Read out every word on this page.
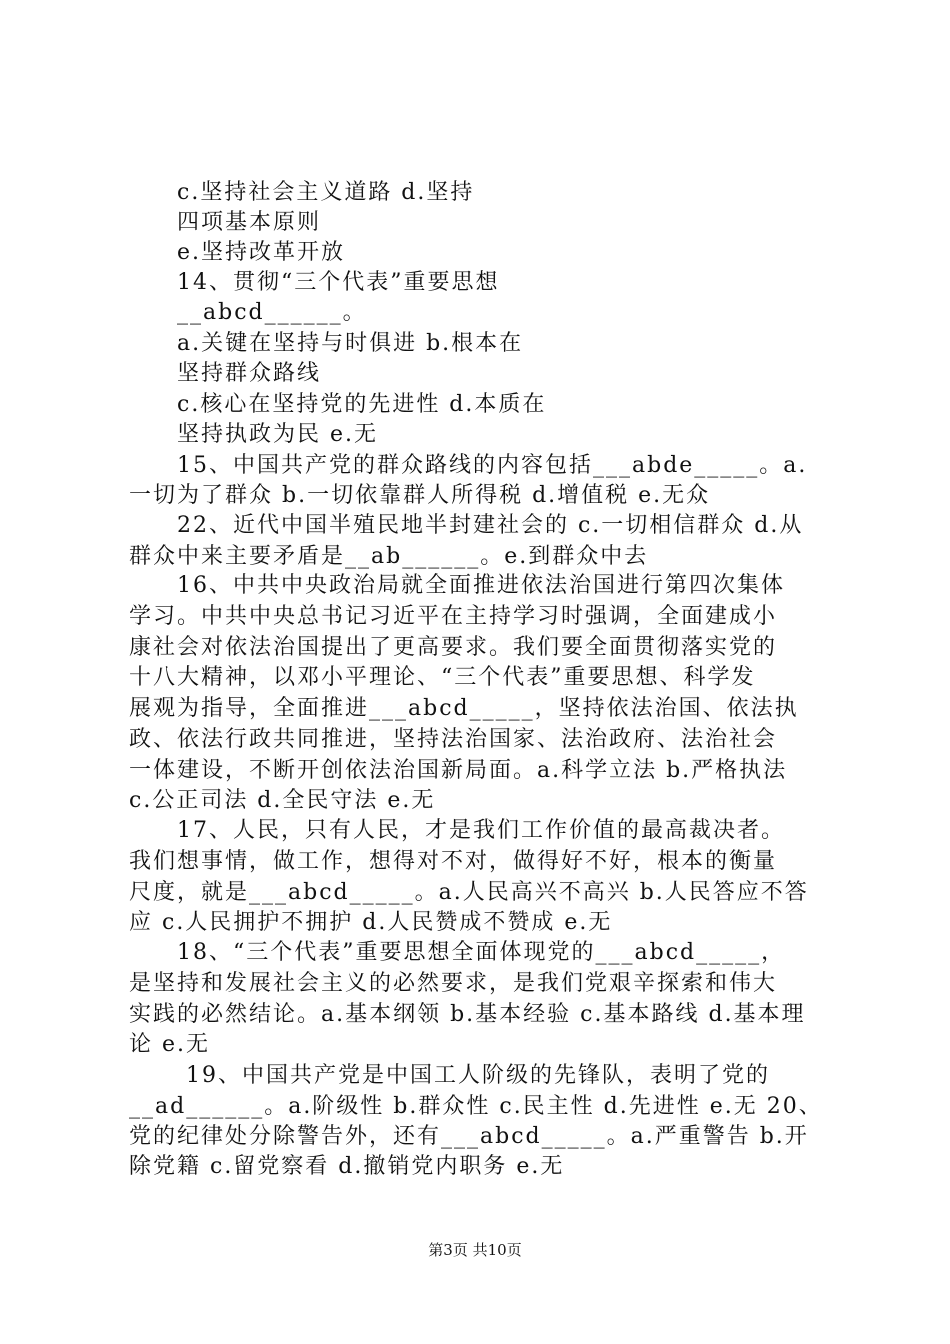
c.坚持社会主义道路 d.坚持
四项基本原则
e.坚持改革开放
14、贯彻“三个代表”重要思想
__abcd______。
a.关键在坚持与时俱进 b.根本在
坚持群众路线
c.核心在坚持党的先进性 d.本质在
坚持执政为民 e.无
15、中国共产党的群众路线的内容包括___abde_____。a.
一切为了群众 b.一切依靠群人所得税 d.增值税 e.无众
22、近代中国半殖民地半封建社会的 c.一切相信群众 d.从
群众中来主要矛盾是__ab______。e.到群众中去
16、中共中央政治局就全面推进依法治国进行第四次集体
学习。中共中央总书记习近平在主持学习时强调，全面建成小
康社会对依法治国提出了更高要求。我们要全面贯彻落实党的
十八大精神，以邓小平理论、“三个代表”重要思想、科学发
展观为指导，全面推进___abcd_____，坚持依法治国、依法执
政、依法行政共同推进，坚持法治国家、法治政府、法治社会
一体建设，不断开创依法治国新局面。a.科学立法 b.严格执法
c.公正司法 d.全民守法 e.无
17、人民，只有人民，才是我们工作价值的最高裁决者。
我们想事情，做工作，想得对不对，做得好不好，根本的衡量
尺度，就是___abcd_____。a.人民高兴不高兴 b.人民答应不答
应 c.人民拥护不拥护 d.人民赞成不赞成 e.无
18、“三个代表”重要思想全面体现党的___abcd_____，
是坚持和发展社会主义的必然要求，是我们党艰辛探索和伟大
实践的必然结论。a.基本纲领 b.基本经验 c.基本路线 d.基本理
论 e.无
19、中国共产党是中国工人阶级的先锋队，表明了党的
__ad______。a.阶级性 b.群众性 c.民主性 d.先进性 e.无 20、
党的纪律处分除警告外，还有___abcd_____。a.严重警告 b.开
除党籍 c.留党察看 d.撤销党内职务 e.无
第3页 共10页
